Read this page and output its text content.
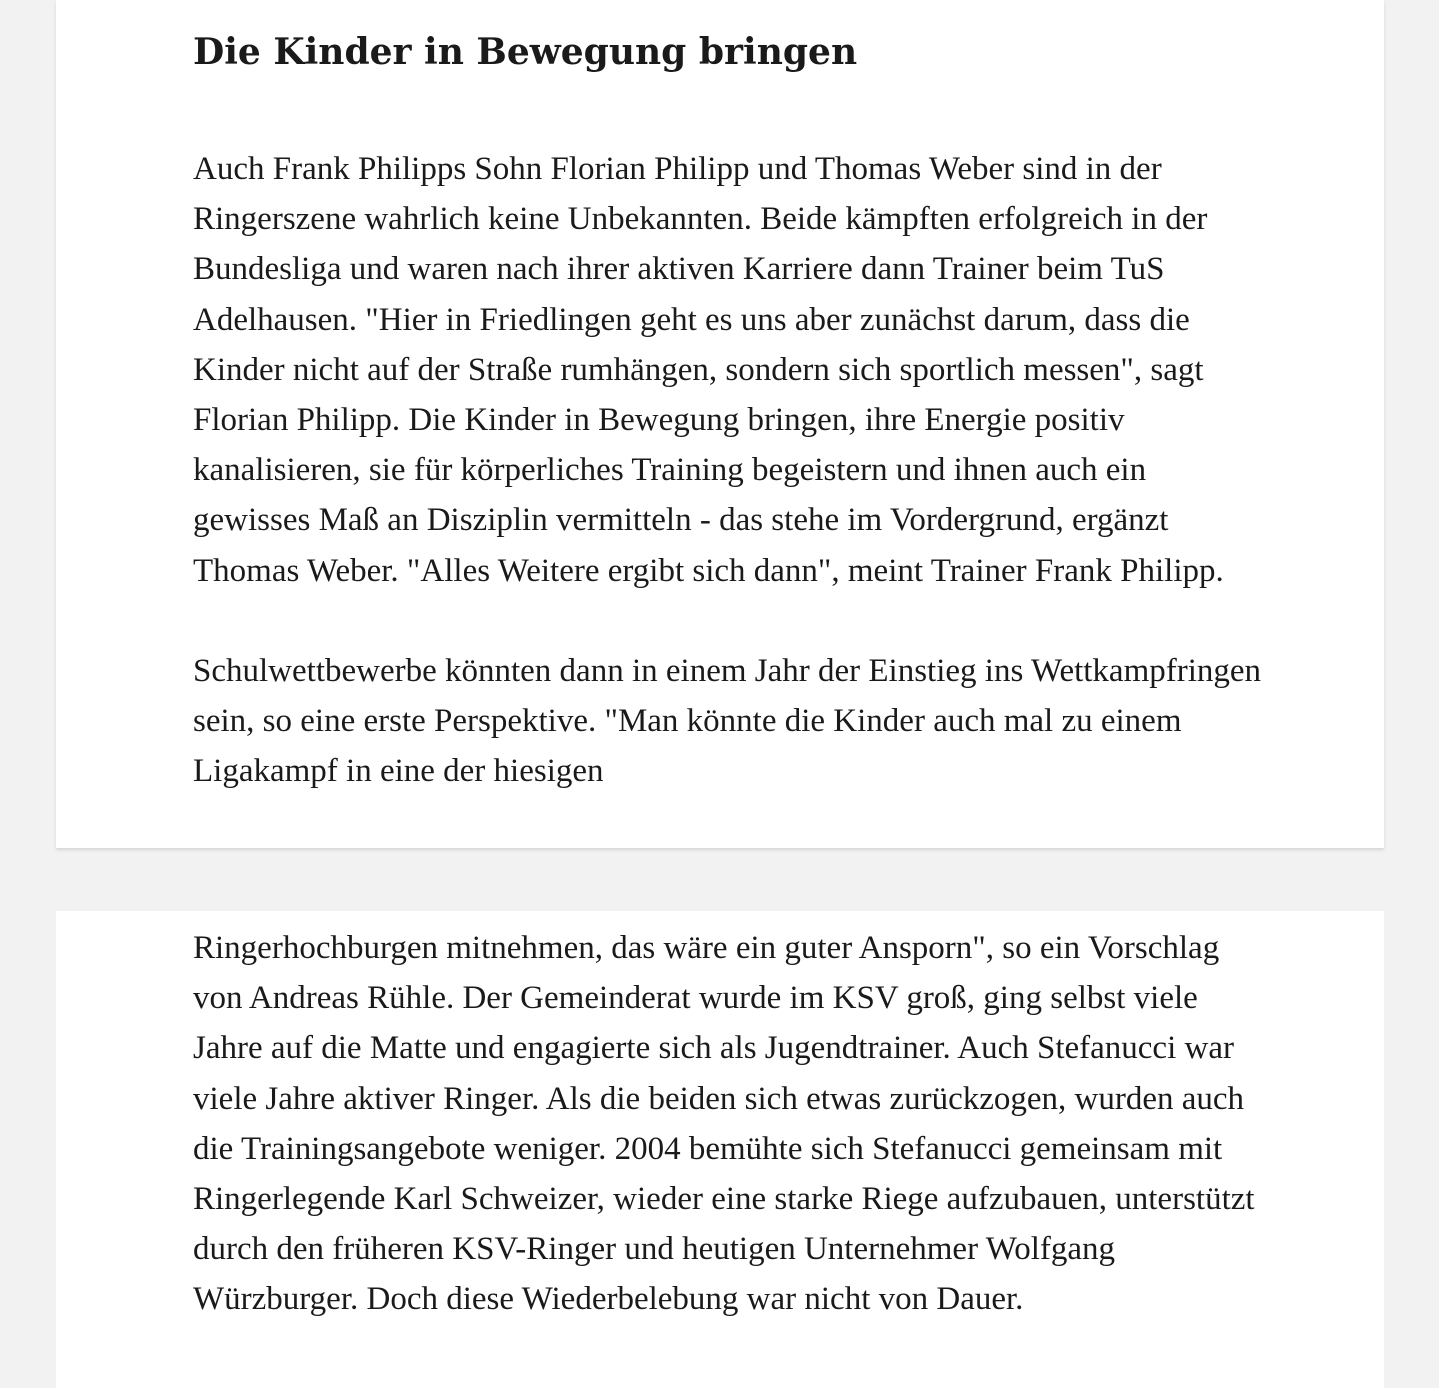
Die Kinder in Bewegung bringen

Auch Frank Philipps Sohn Florian Philipp und Thomas Weber sind in der Ringerszene wahrlich keine Unbekannten. Beide kämpften erfolgreich in der Bundesliga und waren nach ihrer aktiven Karriere dann Trainer beim TuS Adelhausen. "Hier in Friedlingen geht es uns aber zunächst darum, dass die Kinder nicht auf der Straße rumhängen, sondern sich sportlich messen", sagt Florian Philipp. Die Kinder in Bewegung bringen, ihre Energie positiv kanalisieren, sie für körperliches Training begeistern und ihnen auch ein gewisses Maß an Disziplin vermitteln - das stehe im Vordergrund, ergänzt Thomas Weber. "Alles Weitere ergibt sich dann", meint Trainer Frank Philipp.

Schulwettbewerbe könnten dann in einem Jahr der Einstieg ins Wettkampfringen sein, so eine erste Perspektive. "Man könnte die Kinder auch mal zu einem Ligakampf in eine der hiesigen

Ringerhochburgen mitnehmen, das wäre ein guter Ansporn", so ein Vorschlag von Andreas Rühle. Der Gemeinderat wurde im KSV groß, ging selbst viele Jahre auf die Matte und engagierte sich als Jugendtrainer. Auch Stefanucci war viele Jahre aktiver Ringer. Als die beiden sich etwas zurückzogen, wurden auch die Trainingsangebote weniger. 2004 bemühte sich Stefanucci gemeinsam mit Ringerlegende Karl Schweizer, wieder eine starke Riege aufzubauen, unterstützt durch den früheren KSV-Ringer und heutigen Unternehmer Wolfgang Würzburger. Doch diese Wiederbelebung war nicht von Dauer.
